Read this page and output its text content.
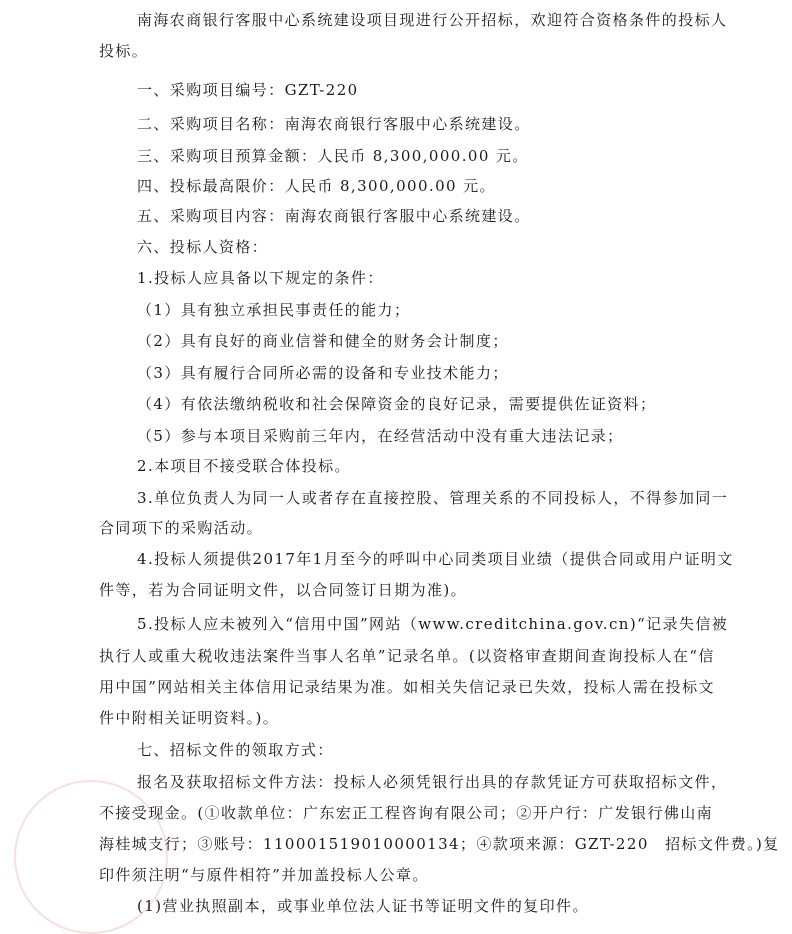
南海农商银行客服中心系统建设项目现进行公开招标，欢迎符合资格条件的投标人
投标。
一、采购项目编号：GZT-220
二、采购项目名称：南海农商银行客服中心系统建设。
三、采购项目预算金额：人民币 8,300,000.00 元。
四、投标最高限价：人民币 8,300,000.00 元。
五、采购项目内容：南海农商银行客服中心系统建设。
六、投标人资格：
1.投标人应具备以下规定的条件：
（1）具有独立承担民事责任的能力；
（2）具有良好的商业信誉和健全的财务会计制度；
（3）具有履行合同所必需的设备和专业技术能力；
（4）有依法缴纳税收和社会保障资金的良好记录，需要提供佐证资料；
（5）参与本项目采购前三年内，在经营活动中没有重大违法记录；
2.本项目不接受联合体投标。
3.单位负责人为同一人或者存在直接控股、管理关系的不同投标人，不得参加同一
合同项下的采购活动。
4.投标人须提供2017年1月至今的呼叫中心同类项目业绩（提供合同或用户证明文
件等，若为合同证明文件，以合同签订日期为准)。
5.投标人应未被列入“信用中国”网站（www.creditchina.gov.cn)“记录失信被
执行人或重大税收违法案件当事人名单”记录名单。(以资格审查期间查询投标人在“信
用中国”网站相关主体信用记录结果为准。如相关失信记录已失效，投标人需在投标文
件中附相关证明资料。)。
七、招标文件的领取方式：
报名及获取招标文件方法：投标人必须凭银行出具的存款凭证方可获取招标文件，
不接受现金。(①收款单位：广东宏正工程咨询有限公司；②开户行：广发银行佛山南
海桂城支行；③账号：110001519010000134；④款项来源：GZT-220　招标文件费。)复
印件须注明“与原件相符”并加盖投标人公章。
(1)营业执照副本，或事业单位法人证书等证明文件的复印件。
